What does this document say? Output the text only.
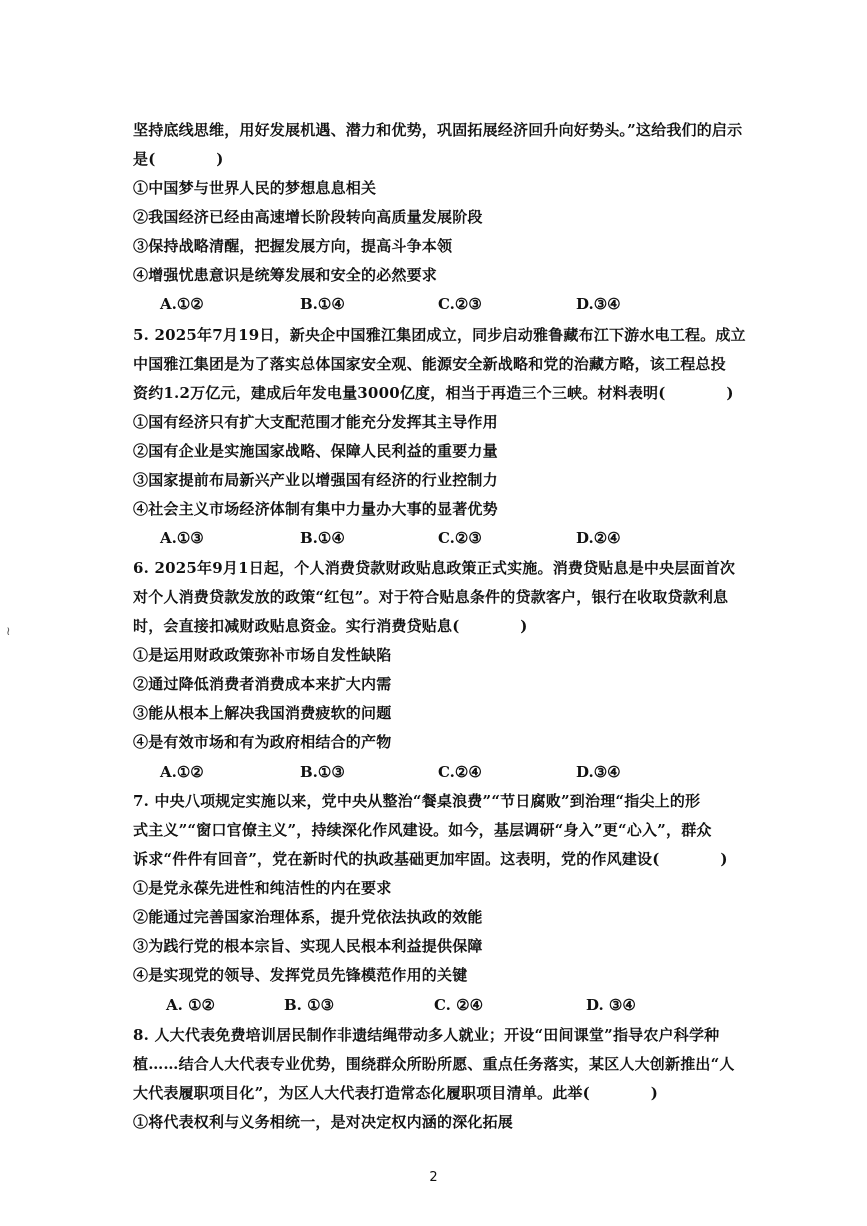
坚持底线思维，用好发展机遇、潜力和优势，巩固拓展经济回升向好势头。”这给我们的启示
是(　　　　)
①中国梦与世界人民的梦想息息相关
②我国经济已经由高速增长阶段转向高质量发展阶段
③保持战略清醒，把握发展方向，提高斗争本领
④增强忧患意识是统筹发展和安全的必然要求
A.①②	B.①④	C.②③	D.③④
5. 2025年7月19日，新央企中国雅江集团成立，同步启动雅鲁藏布江下游水电工程。成立
中国雅江集团是为了落实总体国家安全观、能源安全新战略和党的治藏方略，该工程总投
资约1.2万亿元，建成后年发电量3000亿度，相当于再造三个三峡。材料表明(　　　　)
①国有经济只有扩大支配范围才能充分发挥其主导作用
②国有企业是实施国家战略、保障人民利益的重要力量
③国家提前布局新兴产业以增强国有经济的行业控制力
④社会主义市场经济体制有集中力量办大事的显著优势
A.①③	B.①④	C.②③	D.②④
6. 2025年9月1日起，个人消费贷款财政贴息政策正式实施。消费贷贴息是中央层面首次
对个人消费贷款发放的政策“红包”。对于符合贴息条件的贷款客户，银行在收取贷款利息
时，会直接扣减财政贴息资金。实行消费贷贴息(　　　　)
≀
①是运用财政政策弥补市场自发性缺陷
②通过降低消费者消费成本来扩大内需
③能从根本上解决我国消费疲软的问题
④是有效市场和有为政府相结合的产物
A.①②	B.①③	C.②④	D.③④
7. 中央八项规定实施以来，党中央从整治“餐桌浪费”“节日腐败”到治理“指尖上的形
式主义”“窗口官僚主义”，持续深化作风建设。如今，基层调研“身入”更“心入”，群众
诉求“件件有回音”，党在新时代的执政基础更加牢固。这表明，党的作风建设(　　　　)
①是党永葆先进性和纯洁性的内在要求
②能通过完善国家治理体系，提升党依法执政的效能
③为践行党的根本宗旨、实现人民根本利益提供保障
④是实现党的领导、发挥党员先锋模范作用的关键
A. ①②	B. ①③	C. ②④	D. ③④
8. 人大代表免费培训居民制作非遗结绳带动多人就业；开设“田间课堂”指导农户科学种
植……结合人大代表专业优势，围绕群众所盼所愿、重点任务落实，某区人大创新推出“人
大代表履职项目化”，为区人大代表打造常态化履职项目清单。此举(　　　　)
①将代表权利与义务相统一，是对决定权内涵的深化拓展
2
